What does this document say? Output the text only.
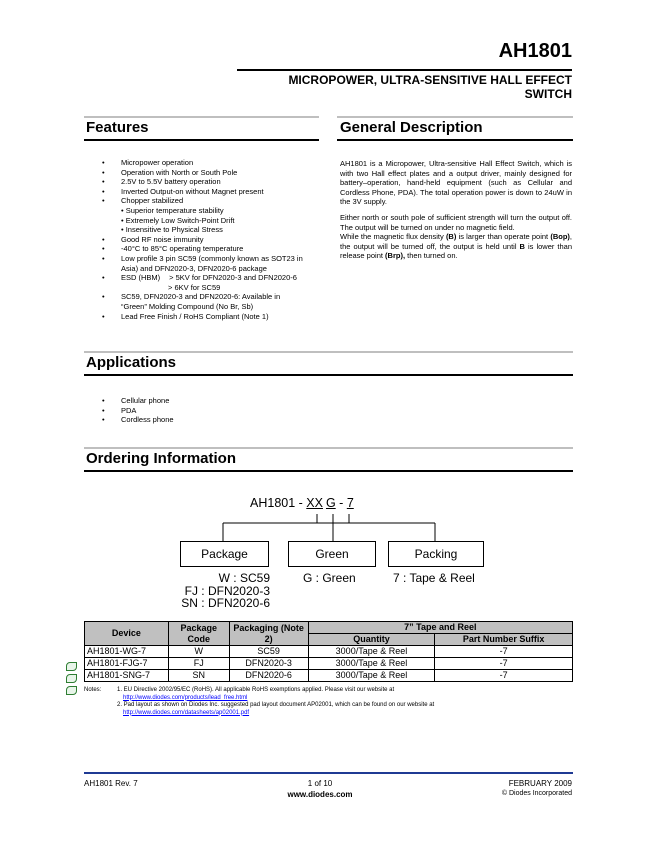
AH1801
MICROPOWER, ULTRA-SENSITIVE HALL EFFECT
SWITCH
Features	General Description
• Micropower operation
• Operation with North or South Pole
• 2.5V to 5.5V battery operation
• Inverted Output-on without Magnet present
• Chopper stabilized
• Superior temperature stability
• Extremely Low Switch-Point Drift
• Insensitive to Physical Stress
• Good RF noise immunity
• -40°C to 85°C operating temperature
• Low profile 3 pin SC59 (commonly known as SOT23 in
Asia) and DFN2020-3, DFN2020-6 package
• ESD (HBM) > 5KV for DFN2020-3 and DFN2020-6
> 6KV for SC59
• SC59, DFN2020-3 and DFN2020-6: Available in
“Green” Molding Compound (No Br, Sb)
• Lead Free Finish / RoHS Compliant (Note 1)

AH1801 is a Micropower, Ultra-sensitive Hall Effect Switch, which is with two Hall effect plates and a output driver, mainly designed for battery–operation, hand-held equipment (such as Cellular and Cordless Phone, PDA). The total operation power is down to 24uW in the 3V supply.

Either north or south pole of sufficient strength will turn the output off. The output will be turned on under no magnetic field.
While the magnetic flux density (B) is larger than operate point (Bop), the output will be turned off, the output is held until B is lower than release point (Brp), then turned on.

Applications
• Cellular phone
• PDA
• Cordless phone
Ordering Information
AH1801 - XX G - 7
Package	Green	Packing
W : SC59
FJ : DFN2020-3
SN : DFN2020-6
G : Green	7 : Tape & Reel
Device	Package Code	Packaging (Note 2)	7” Tape and Reel	
			Quantity	Part Number Suffix
AH1801-WG-7	W	SC59	3000/Tape & Reel	-7
AH1801-FJG-7	FJ	DFN2020-3	3000/Tape & Reel	-7
AH1801-SNG-7	SN	DFN2020-6	3000/Tape & Reel	-7
Notes:	1. EU Directive 2002/95/EC (RoHS). All applicable RoHS exemptions applied. Please visit our website at
http://www.diodes.com/products/lead_free.html
2. Pad layout as shown on Diodes Inc. suggested pad layout document AP02001, which can be found on our website at
http://www.diodes.com/datasheets/ap02001.pdf
AH1801 Rev. 7	1 of 10
www.diodes.com
FEBRUARY 2009
© Diodes Incorporated
